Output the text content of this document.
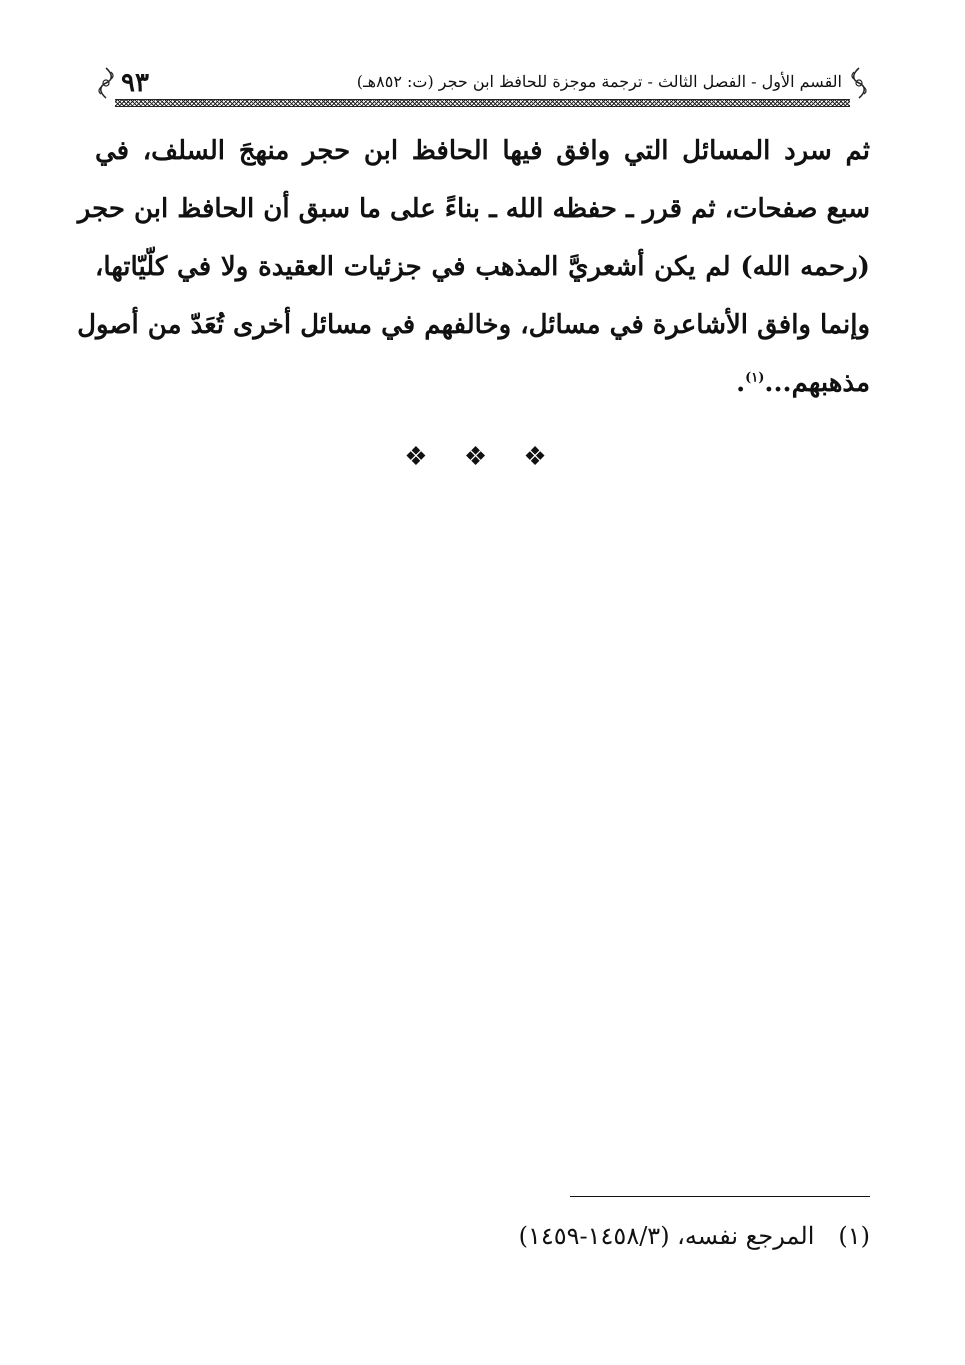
القسم الأول - الفصل الثالث - ترجمة موجزة للحافظ ابن حجر (ت: ٨٥٢هـ)
٩٣
ثم سرد المسائل التي وافق فيها الحافظ ابن حجر منهجَ السلف، في
سبع صفحات، ثم قرر ـ حفظه الله ـ بناءً على ما سبق أن الحافظ ابن حجر
(رحمه الله) لم يكن أشعريَّ المذهب في جزئيات العقيدة ولا في كلّيّاتها،
وإنما وافق الأشاعرة في مسائل، وخالفهم في مسائل أخرى تُعَدّ من أصول
مذهبهم...$^{(١)}$.
❖ ❖ ❖
(١)المرجع نفسه، (١٤٥٨/٣-١٤٥٩)
